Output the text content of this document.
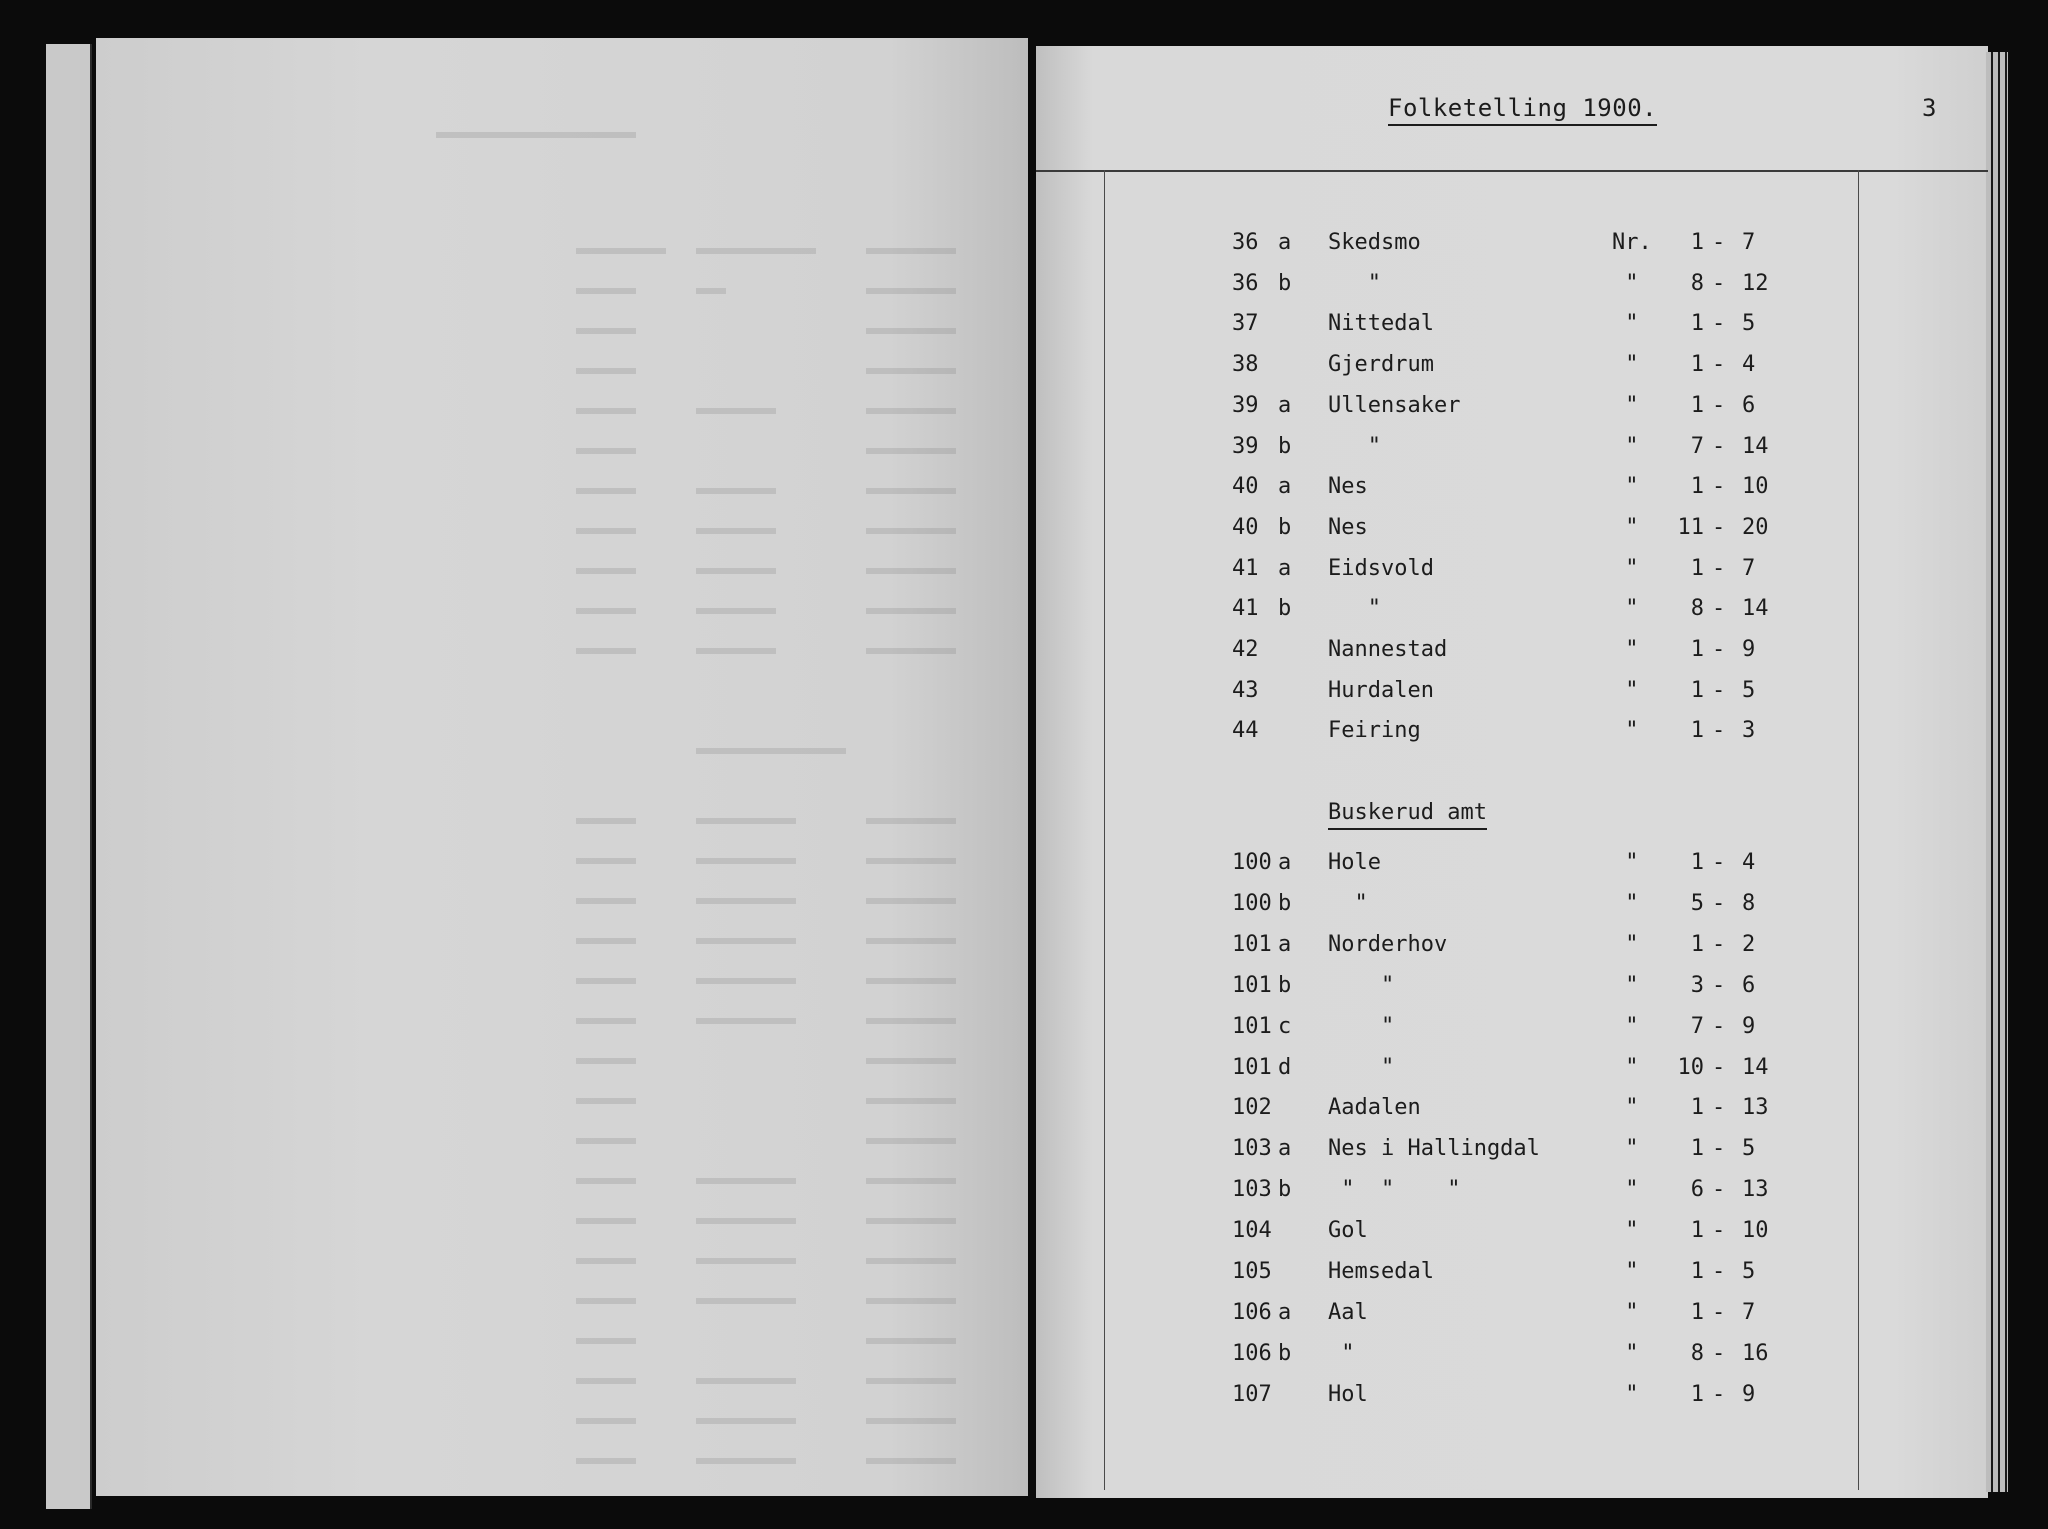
Folketelling 1900.	3
36 a Skedsmo	Nr.	1 7
-
36 b "	"	8 12
-
37	Nittedal	"	1 5
-
38	Gjerdrum	"	1 4
-
39 a Ullensaker	"	1 6
-
39 b "	"	7 14
-
40 a Nes	"	1 10
-
40 b Nes	"	11 20
-
41 a Eidsvold	"	1 7
-
41 b "	"	8 14
-
42	Nannestad	"	1 9
-
43	Hurdalen	"	1 5
-
44	Feiring	"	1 3
-
Buskerud amt
100 a Hole	"	1 4
-
100 b "	"	5 8
-
101 a Norderhov	"	1 2
-
101 b "	"	3 6
-
101 c "	"	7 9
-
101 d "	"	10 14
-
102	Aadalen	"	1 13
-
103 a Nes i Hallingdal	"	1 5
-
103 b "  "    "	"	6 13
-
104	Gol	"	1 10
-
105	Hemsedal	"	1 5
-
106 a Aal	"	1 7
-
106 b "	"	8 16
-
107	Hol	"	1 9
-
